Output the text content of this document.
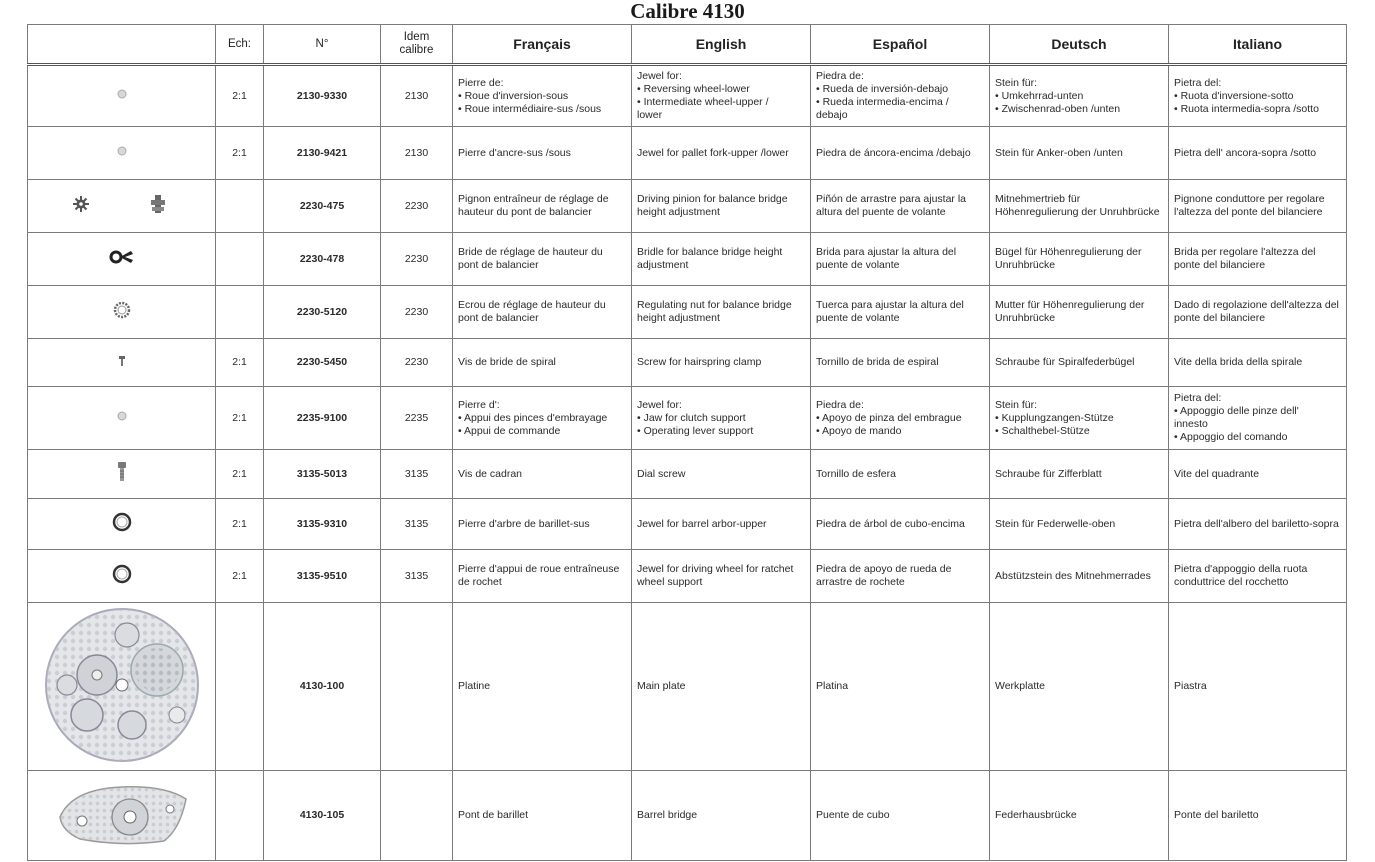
Calibre 4130
	Ech:	N°	Idem calibre	Français	English	Español	Deutsch	Italiano
	2:1	2130-9330	2130	Pierre de:
• Roue d'inversion-sous
• Roue intermédiaire-sus /sous	Jewel for:
• Reversing wheel-lower
• Intermediate wheel-upper /
lower	Piedra de:
• Rueda de inversión-debajo
• Rueda intermedia-encima /
debajo	Stein für:
• Umkehrrad-unten
• Zwischenrad-oben /unten	Pietra del:
• Ruota d'inversione-sotto
• Ruota intermedia-sopra /sotto
	2:1	2130-9421	2130	Pierre d'ancre-sus /sous	Jewel for pallet fork-upper /lower	Piedra de áncora-encima /debajo	Stein für Anker-oben /unten	Pietra dell' ancora-sopra /sotto
		2230-475	2230	Pignon entraîneur de réglage de hauteur du pont de balancier	Driving pinion for balance bridge height adjustment	Piñón de arrastre para ajustar la altura del puente de volante	Mitnehmertrieb für Höhenregulierung der Unruhbrücke	Pignone conduttore per regolare l'altezza del ponte del bilanciere
		2230-478	2230	Bride de réglage de hauteur du pont de balancier	Bridle for balance bridge height adjustment	Brida para ajustar la altura del puente de volante	Bügel für Höhenregulierung der Unruhbrücke	Brida per regolare l'altezza del ponte del bilanciere
		2230-5120	2230	Ecrou de réglage de hauteur du pont de balancier	Regulating nut for balance bridge height adjustment	Tuerca para ajustar la altura del puente de volante	Mutter für Höhenregulierung der Unruhbrücke	Dado di regolazione dell'altezza del ponte del bilanciere
	2:1	2230-5450	2230	Vis de bride de spiral	Screw for hairspring clamp	Tornillo de brida de espiral	Schraube für Spiralfederbügel	Vite della brida della spirale
	2:1	2235-9100	2235	Pierre d':
• Appui des pinces d'embrayage
• Appui de commande	Jewel for:
• Jaw for clutch support
• Operating lever support	Piedra de:
• Apoyo de pinza del embrague
• Apoyo de mando	Stein für:
• Kupplungzangen-Stütze
• Schalthebel-Stütze	Pietra del:
• Appoggio delle pinze dell'
innesto
• Appoggio del comando
	2:1	3135-5013	3135	Vis de cadran	Dial screw	Tornillo de esfera	Schraube für Zifferblatt	Vite del quadrante
	2:1	3135-9310	3135	Pierre d'arbre de barillet-sus	Jewel for barrel arbor-upper	Piedra de árbol de cubo-encima	Stein für Federwelle-oben	Pietra dell'albero del bariletto-sopra
	2:1	3135-9510	3135	Pierre d'appui de roue entraîneuse de rochet	Jewel for driving wheel for ratchet wheel support	Piedra de apoyo de rueda de arrastre de rochete	Abstützstein des Mitnehmerrades	Pietra d'appoggio della ruota conduttrice del rocchetto
		4130-100		Platine	Main plate	Platina	Werkplatte	Piastra
		4130-105		Pont de barillet	Barrel bridge	Puente de cubo	Federhausbrücke	Ponte del bariletto
